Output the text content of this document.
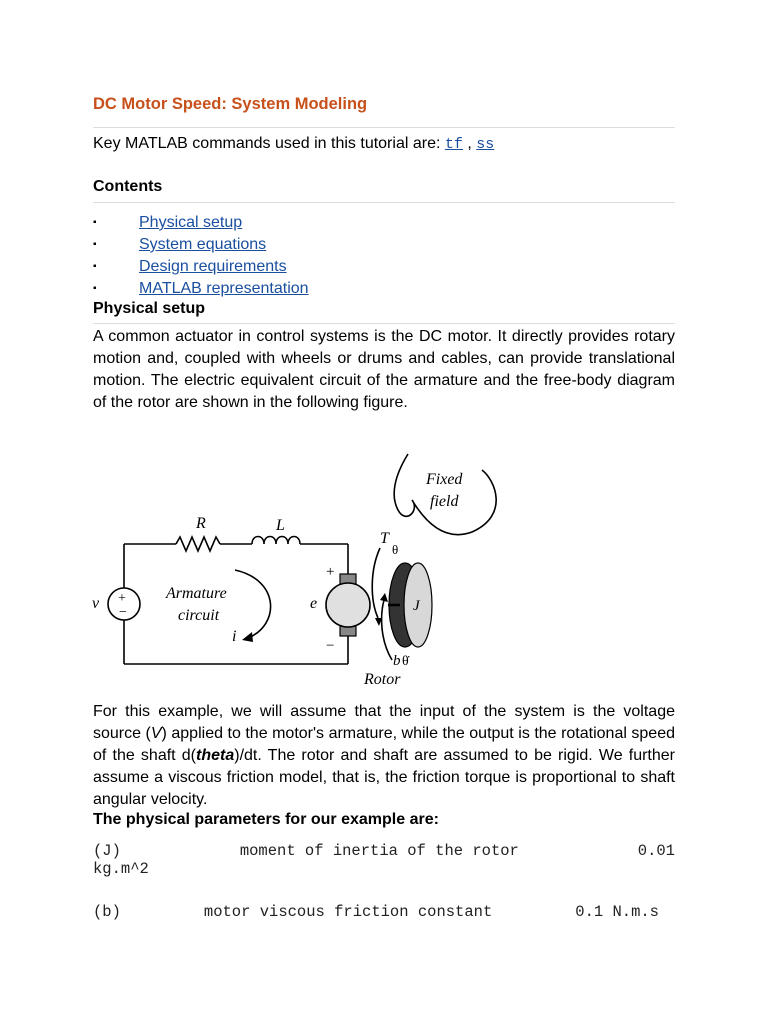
DC Motor Speed: System Modeling
Key MATLAB commands used in this tutorial are: tf , ss
Contents
▪	Physical setup
▪	System equations
▪	Design requirements
▪	MATLAB representation
Physical setup
A common actuator in control systems is the DC motor. It directly provides rotary motion and, coupled with wheels or drums and cables, can provide translational motion. The electric equivalent circuit of the armature and the free-body diagram of the rotor are shown in the following figure.
R	L
v +
−
Armature
circuit
i
e
+
−
T
θ
J
b θ̇
Rotor
Fixed
field
For this example, we will assume that the input of the system is the voltage source (V) applied to the motor's armature, while the output is the rotational speed of the shaft d(theta)/dt. The rotor and shaft are assumed to be rigid. We further assume a viscous friction model, that is, the friction torque is proportional to shaft angular velocity.
The physical parameters for our example are:
(J)	moment of inertia of the rotor	0.01
kg.m^2
(b)	motor viscous friction constant	0.1 N.m.s
